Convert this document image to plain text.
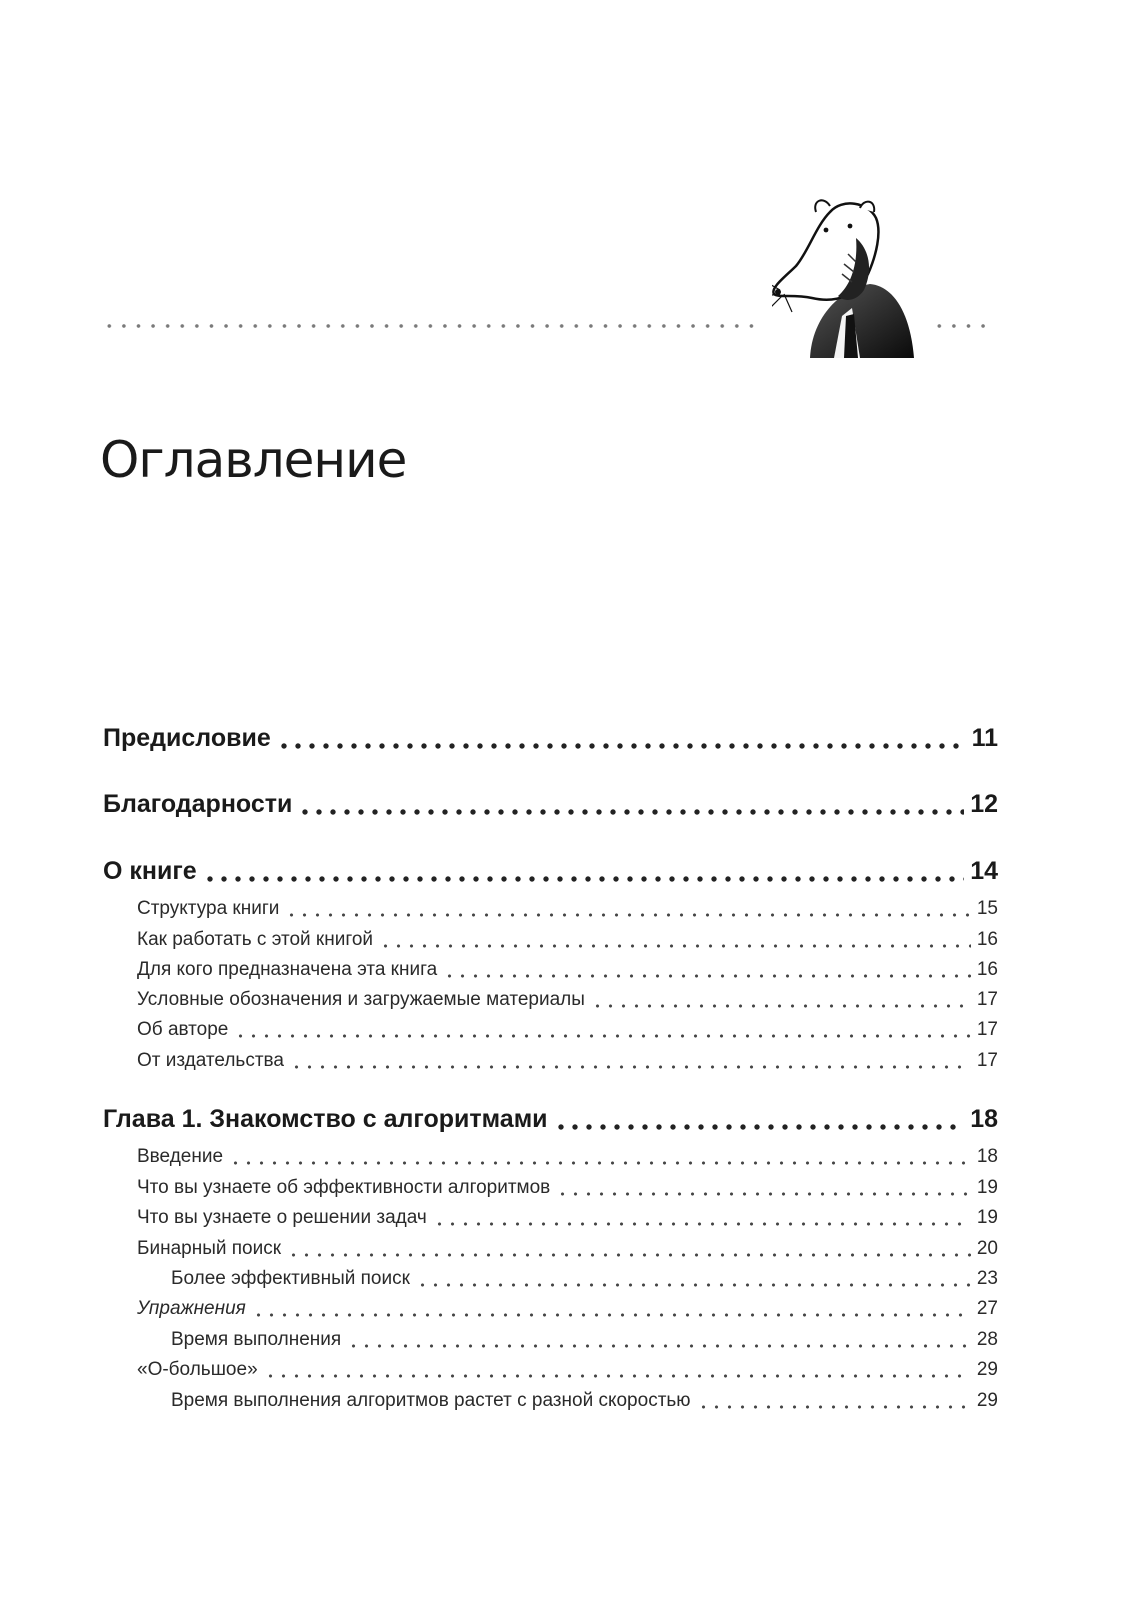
Оглавление
Предисловие	11
Благодарности	12
О книге	14
Структура книги	15
Как работать с этой книгой	16
Для кого предназначена эта книга	16
Условные обозначения и загружаемые материалы	17
Об авторе	17
От издательства	17
Глава 1. Знакомство с алгоритмами	18
Введение	18
Что вы узнаете об эффективности алгоритмов	19
Что вы узнаете о решении задач	19
Бинарный поиск	20
Более эффективный поиск	23
Упражнения	27
Время выполнения	28
«О-большое»	29
Время выполнения алгоритмов растет с разной скоростью	29
